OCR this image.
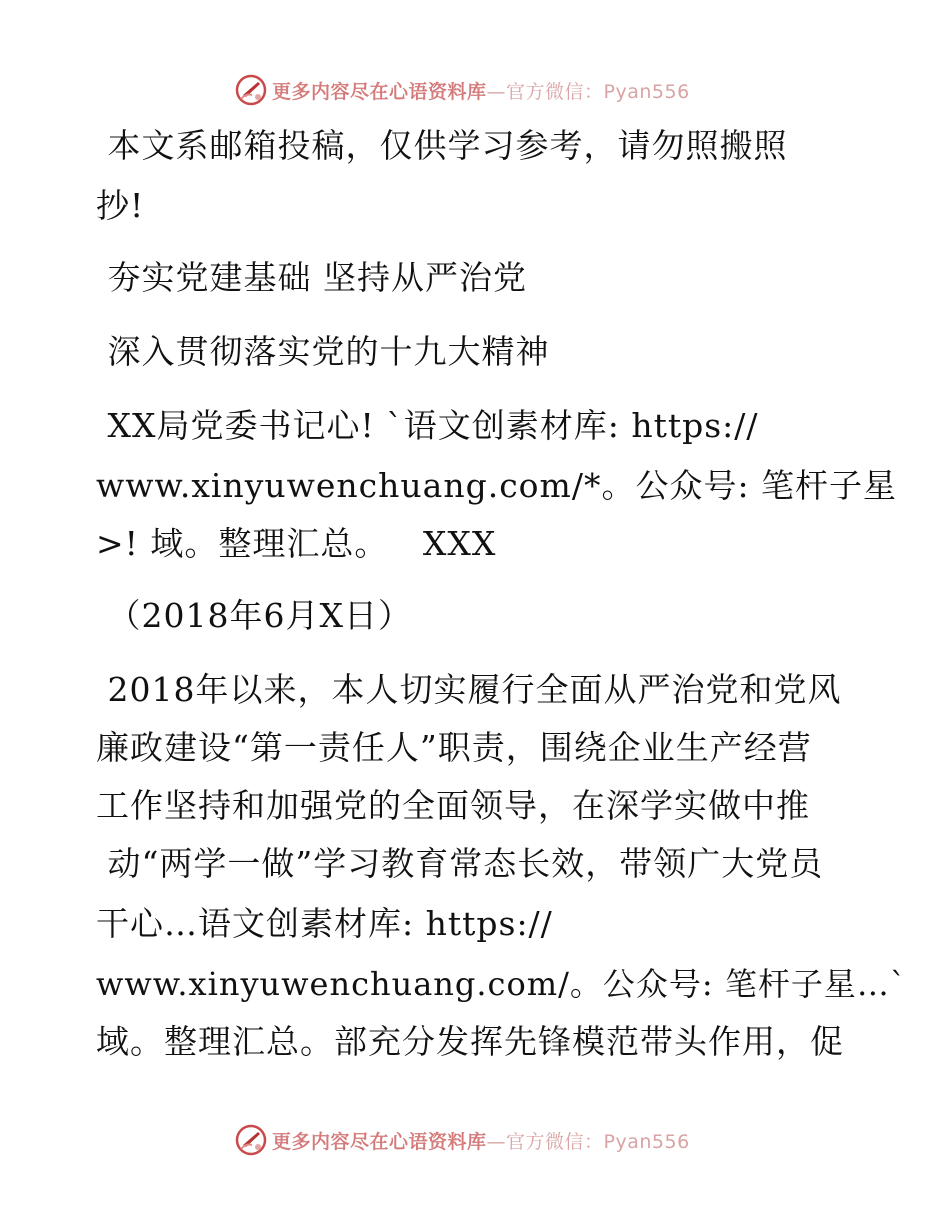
更多内容尽在心语资料库—官方微信：Pyan556
本文系邮箱投稿，仅供学习参考，请勿照搬照
抄!
夯实党建基础 坚持从严治党
深入贯彻落实党的十九大精神
XX局党委书记心! `语文创素材库: https://
www.xinyuwenchuang.com/*。公众号: 笔杆子星
>! 域。整理汇总。   XXX
（2018年6月X日）
2018年以来，本人切实履行全面从严治党和党风
廉政建设“第一责任人”职责，围绕企业生产经营
工作坚持和加强党的全面领导，在深学实做中推
动“两学一做”学习教育常态长效，带领广大党员
干心…语文创素材库: https://
www.xinyuwenchuang.com/。公众号: 笔杆子星…`
域。整理汇总。部充分发挥先锋模范带头作用，促
更多内容尽在心语资料库—官方微信：Pyan556
